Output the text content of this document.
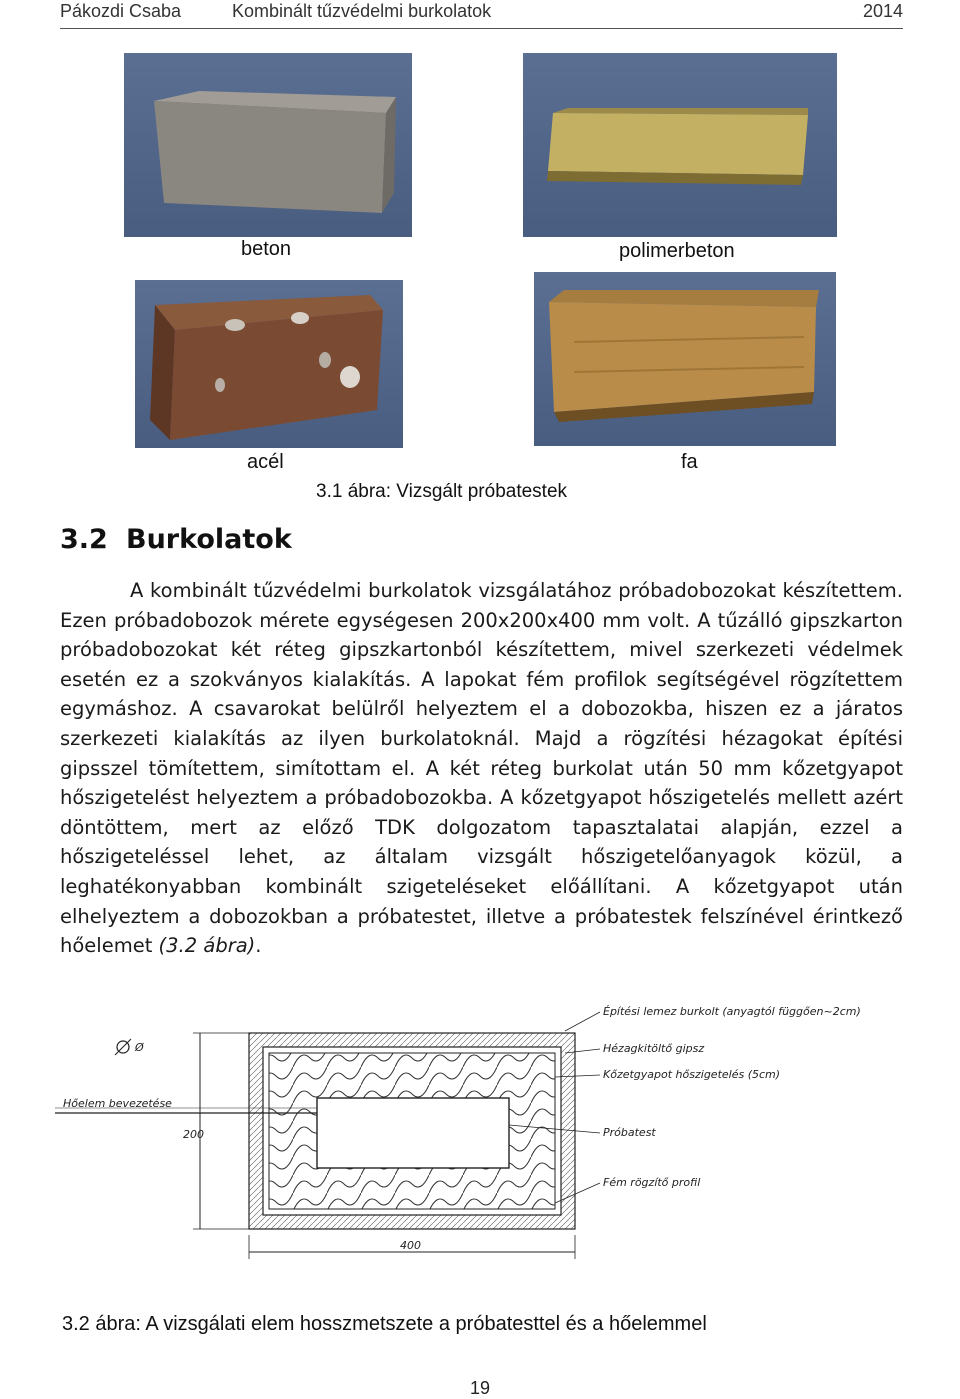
Pákozdi Csaba	Kombinált tűzvédelmi burkolatok	2014
beton	polimerbeton
acél	fa
3.1 ábra: Vizsgált próbatestek
3.2 Burkolatok
A kombinált tűzvédelmi burkolatok vizsgálatához próbadobozokat készítettem. Ezen próbadobozok mérete egységesen 200x200x400 mm volt. A tűzálló gipszkarton próbadobozokat két réteg gipszkartonból készítettem, mivel szerkezeti védelmek esetén ez a szokványos kialakítás. A lapokat fém profilok segítségével rögzítettem egymáshoz. A csavarokat belülről helyeztem el a dobozokba, hiszen ez a járatos szerkezeti kialakítás az ilyen burkolatoknál. Majd a rögzítési hézagokat építési gipsszel tömítettem, simítottam el. A két réteg burkolat után 50 mm kőzetgyapot hőszigetelést helyeztem a próbadobozokba. A kőzetgyapot hőszigetelés mellett azért döntöttem, mert az előző TDK dolgozatom tapasztalatai alapján, ezzel a hőszigeteléssel lehet, az általam vizsgált hőszigetelőanyagok közül, a leghatékonyabban kombinált szigeteléseket előállítani. A kőzetgyapot után elhelyeztem a dobozokban a próbatestet, illetve a próbatestek felszínével érintkező hőelemet (3.2 ábra).
Ø
Hőelem bevezetése
200
400
Építési lemez burkolt (anyagtól függően~2cm)
Hézagkitöltő gipsz
Kőzetgyapot hőszigetelés (5cm)
Próbatest
Fém rögzítő profil
3.2 ábra: A vizsgálati elem hosszmetszete a próbatesttel és a hőelemmel
19
